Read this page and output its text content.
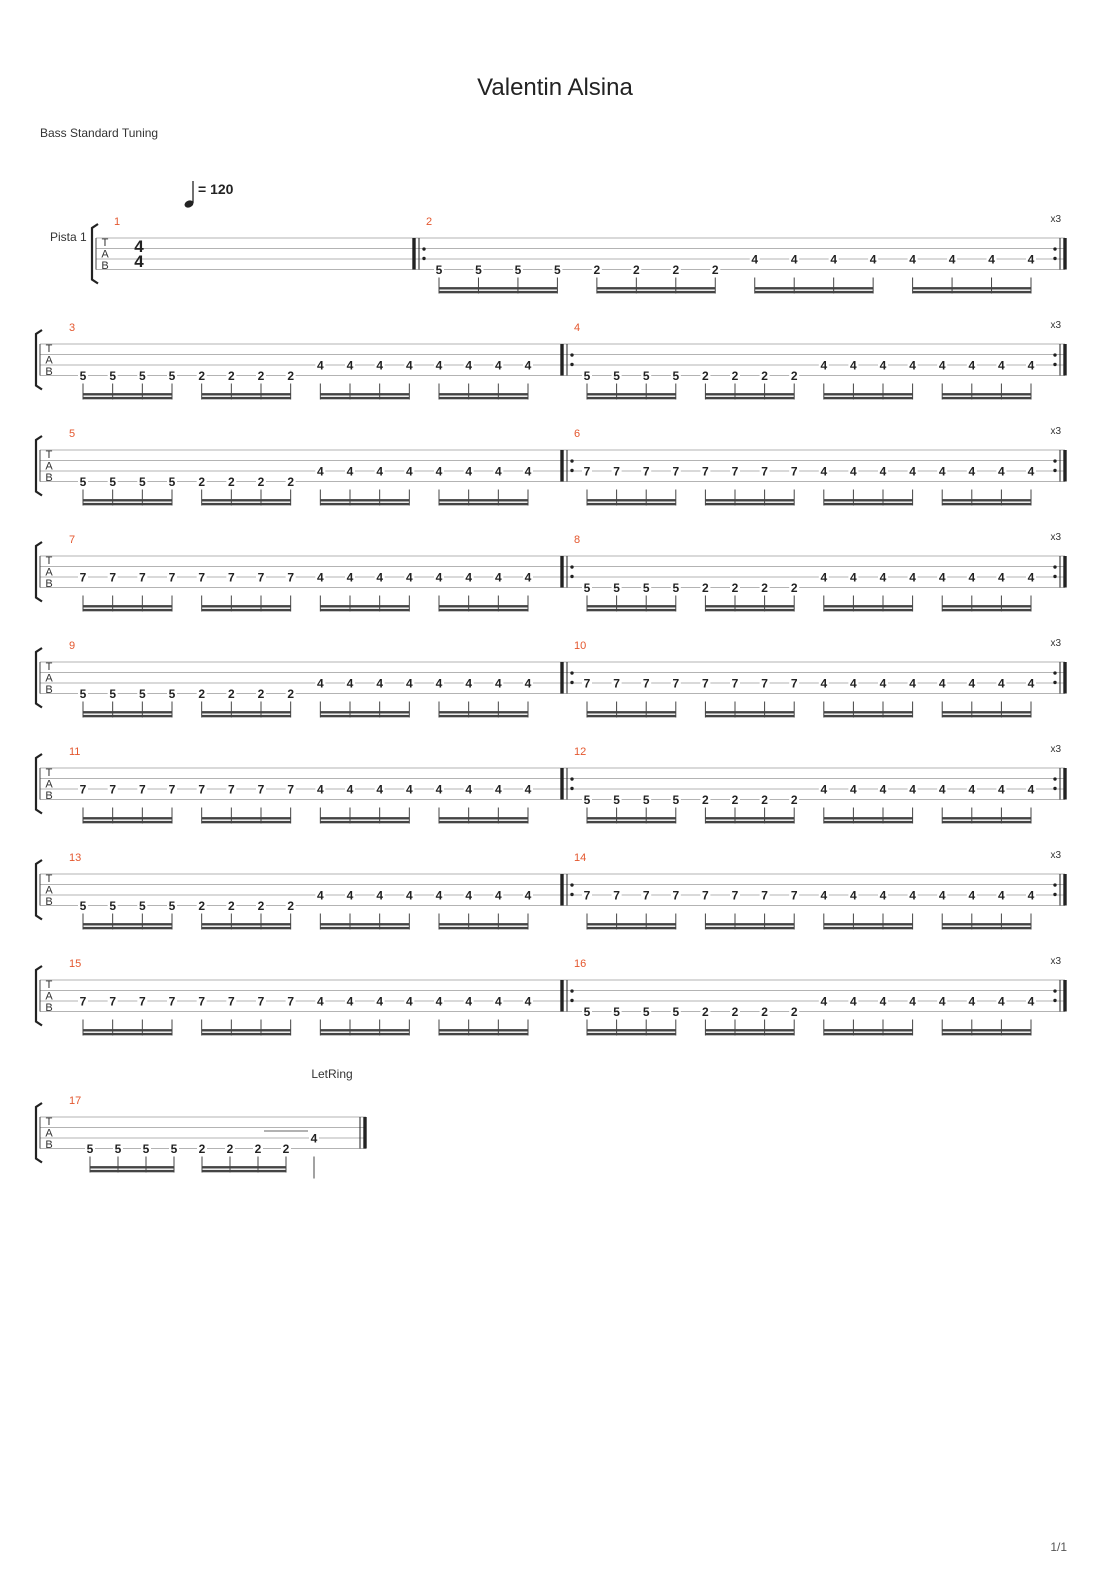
Valentin Alsina
Bass Standard Tuning
= 120
Pista 1 T
A
B
1
4
4
2	x3
5	5	5	5	2	2	2	2
4	4	4	4	4	4	4	4
T
A
B
3
5 5 5 5 2 2 2 2
4 4 4 4 4 4 4 4
4	x3
5 5 5 5 2 2 2 2
4 4 4 4 4 4 4 4
T
A
B
5
5 5 5 5 2 2 2 2
4 4 4 4 4 4 4 4
6	x3
7 7 7 7 7 7 7 7 4 4 4 4 4 4 4 4
T
A
B
7
7 7 7 7 7 7 7 7 4 4 4 4 4 4 4 4
8	x3
5 5 5 5 2 2 2 2
4 4 4 4 4 4 4 4
T
A
B
9
5 5 5 5 2 2 2 2
4 4 4 4 4 4 4 4
10	x3
7 7 7 7 7 7 7 7 4 4 4 4 4 4 4 4
T
A
B
11
7 7 7 7 7 7 7 7 4 4 4 4 4 4 4 4
12	x3
5 5 5 5 2 2 2 2
4 4 4 4 4 4 4 4
T
A
B
13
5 5 5 5 2 2 2 2
4 4 4 4 4 4 4 4
14	x3
7 7 7 7 7 7 7 7 4 4 4 4 4 4 4 4
T
A
B
15
7 7 7 7 7 7 7 7 4 4 4 4 4 4 4 4
16	x3
5 5 5 5 2 2 2 2
4 4 4 4 4 4 4 4
T
A
B
17
5 5 5 5 2 2 2 2
4
LetRing
1/1
